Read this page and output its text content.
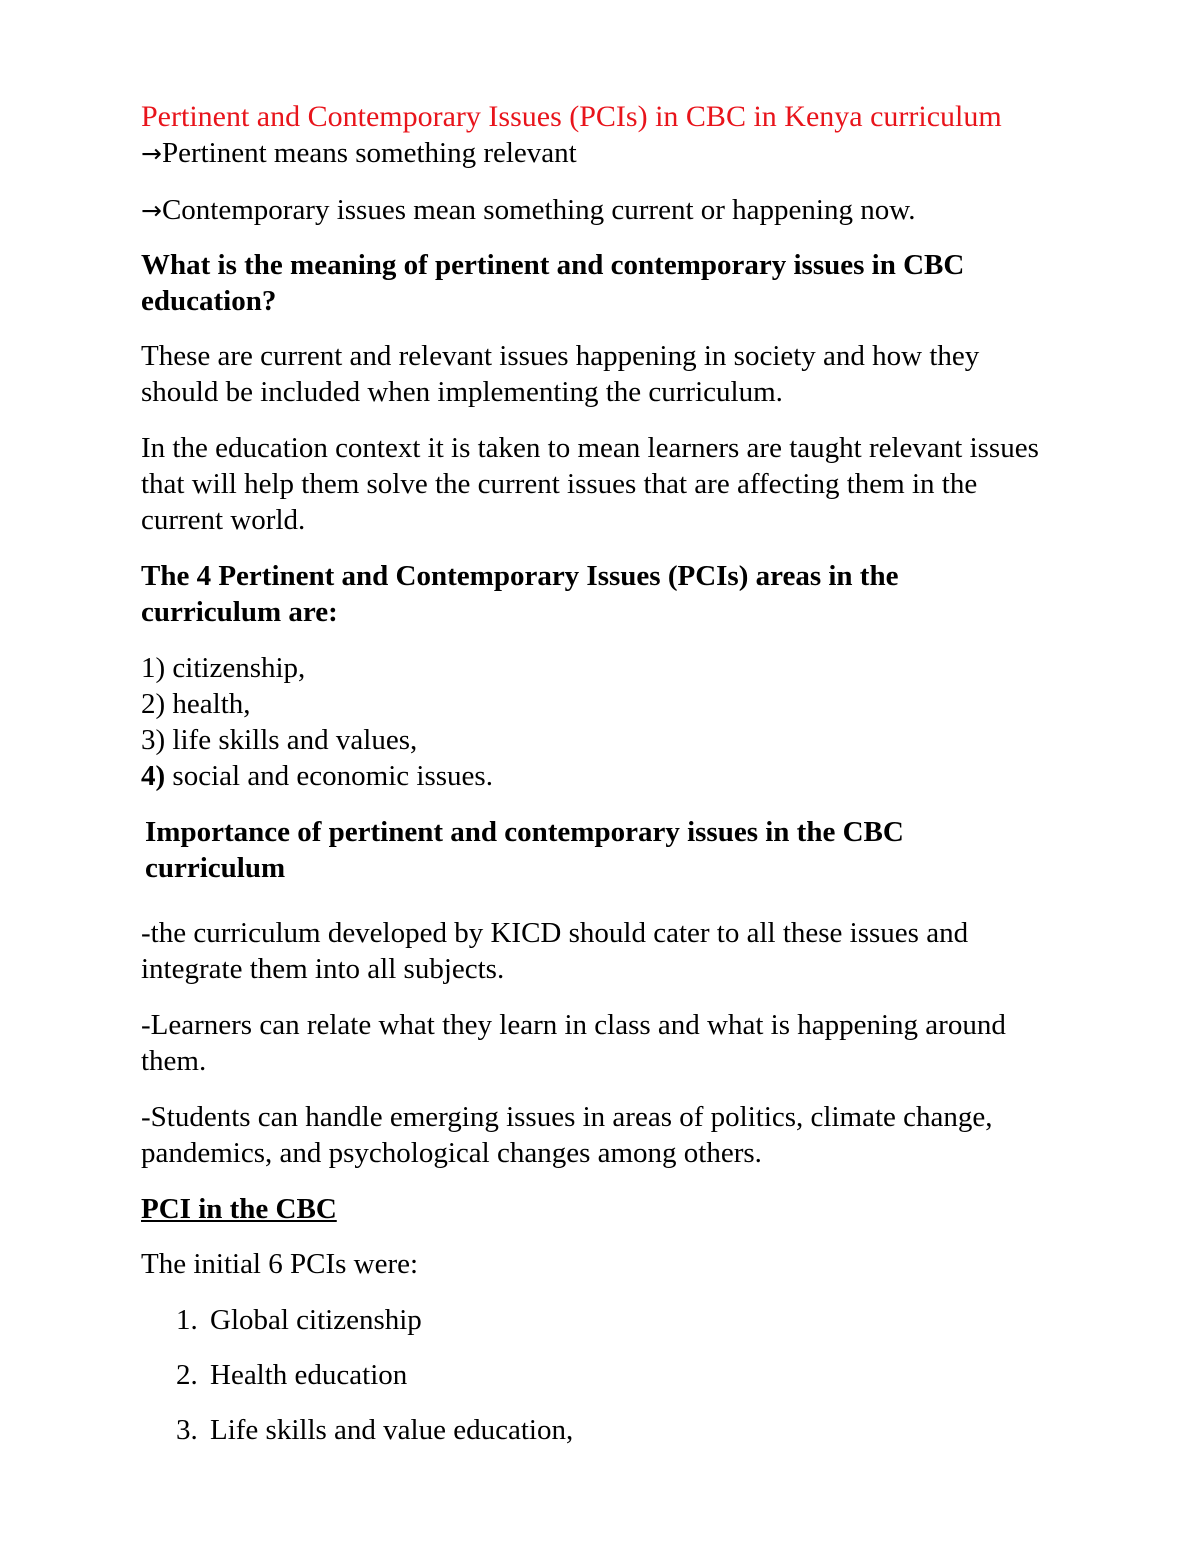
Pertinent and Contemporary Issues (PCIs) in CBC in Kenya curriculum

→Pertinent means something relevant

→Contemporary issues mean something current or happening now.

What is the meaning of pertinent and contemporary issues in CBC education?

These are current and relevant issues happening in society and how they should be included when implementing the curriculum.

In the education context it is taken to mean learners are taught relevant issues that will help them solve the current issues that are affecting them in the current world.

The 4 Pertinent and Contemporary Issues (PCIs) areas in the curriculum are:

1) citizenship,
2) health,
3) life skills and values,
4) social and economic issues.

Importance of pertinent and contemporary issues in the CBC curriculum

-the curriculum developed by KICD should cater to all these issues and integrate them into all subjects.

-Learners can relate what they learn in class and what is happening around them.

-Students can handle emerging issues in areas of politics, climate change, pandemics, and psychological changes among others.

PCI in the CBC

The initial 6 PCIs were:

1. Global citizenship
2. Health education
3. Life skills and value education,
